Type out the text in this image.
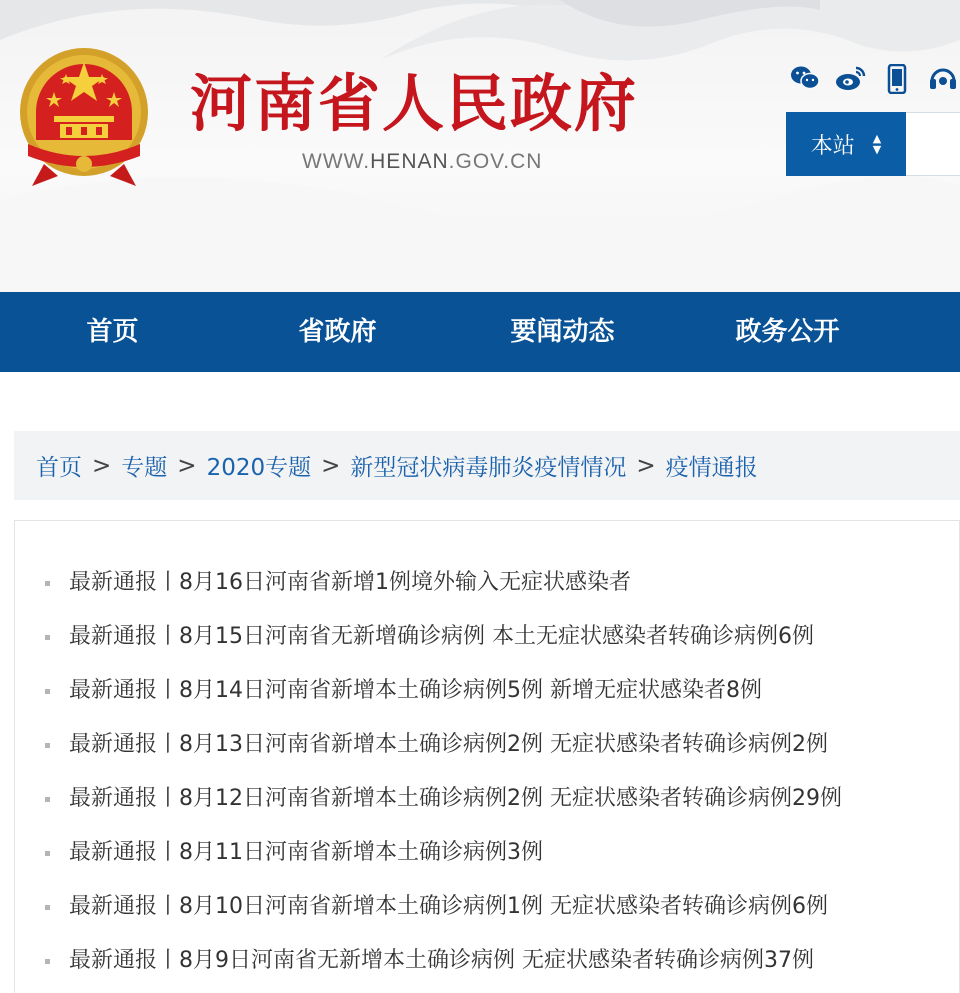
河南省人民政府
WWW.HENAN.GOV.CN
本站 ▲
▼
首页	省政府	要闻动态	政务公开
首页 > 专题 > 2020专题 > 新型冠状病毒肺炎疫情情况 > 疫情通报
最新通报丨8月16日河南省新增1例境外输入无症状感染者
最新通报丨8月15日河南省无新增确诊病例 本土无症状感染者转确诊病例6例
最新通报丨8月14日河南省新增本土确诊病例5例 新增无症状感染者8例
最新通报丨8月13日河南省新增本土确诊病例2例 无症状感染者转确诊病例2例
最新通报丨8月12日河南省新增本土确诊病例2例 无症状感染者转确诊病例29例
最新通报丨8月11日河南省新增本土确诊病例3例
最新通报丨8月10日河南省新增本土确诊病例1例 无症状感染者转确诊病例6例
最新通报丨8月9日河南省无新增本土确诊病例 无症状感染者转确诊病例37例
